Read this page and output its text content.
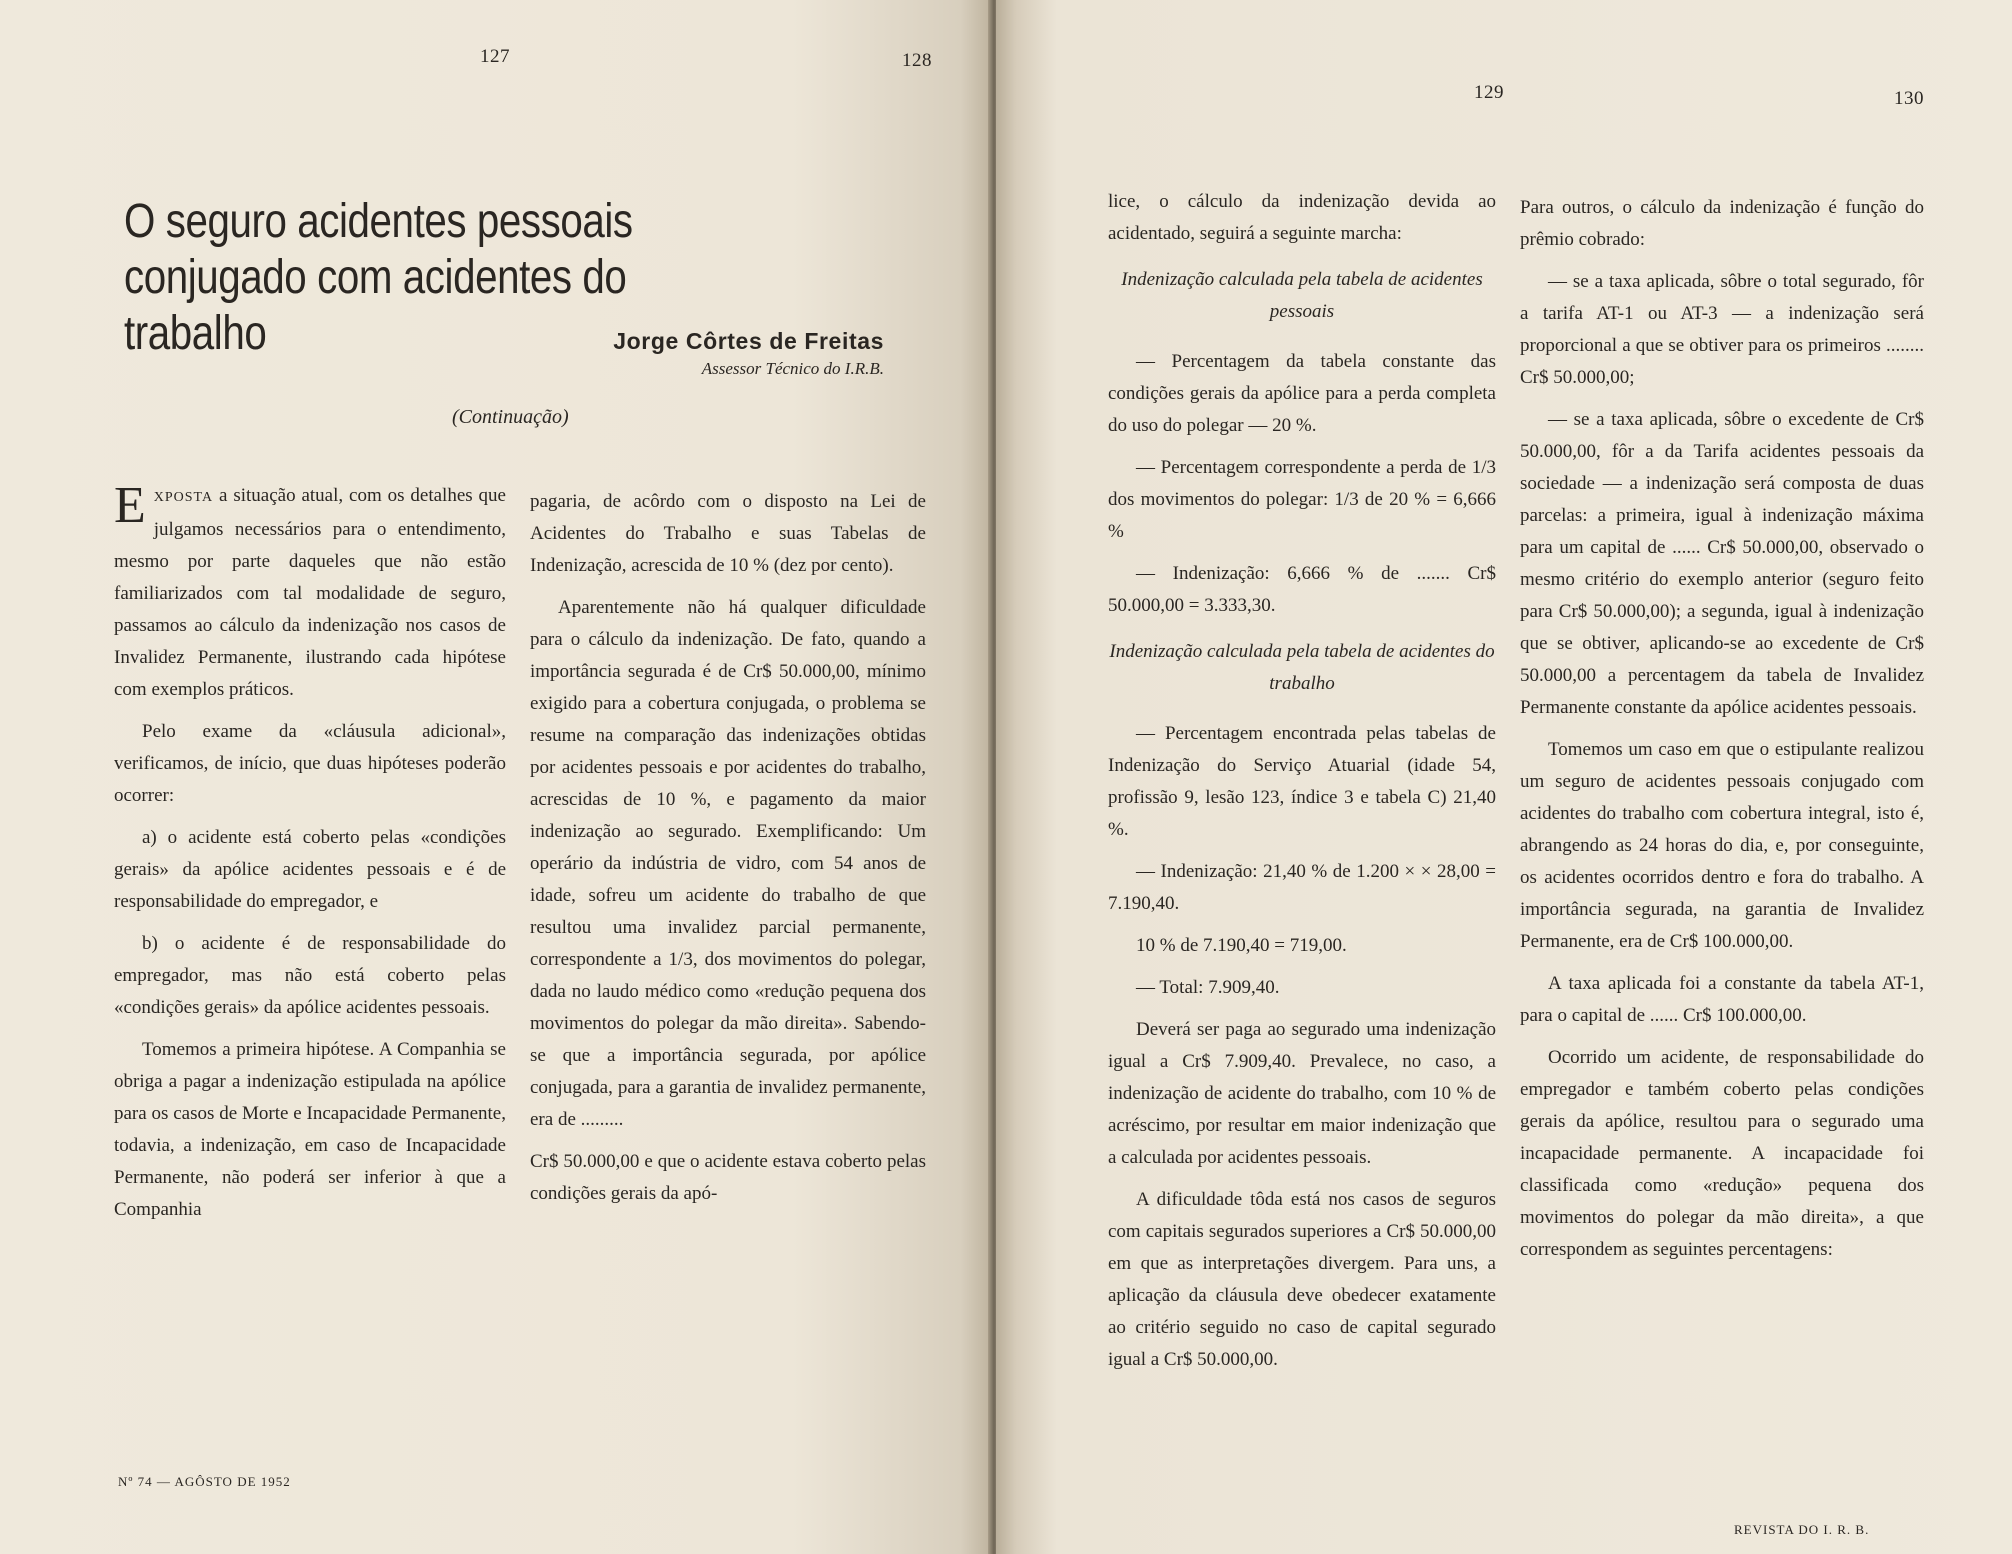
127	128
O seguro acidentes pessoais conjugado com acidentes do trabalho	Jorge Côrtes de Freitas
Assessor Técnico do I.R.B.
(Continuação)

EXPOSTA a situação atual, com os detalhes que julgamos necessários para o entendimento, mesmo por parte daqueles que não estão familiarizados com tal modalidade de seguro, passamos ao cálculo da indenização nos casos de Invalidez Permanente, ilustrando cada hipótese com exemplos práticos.

Pelo exame da «cláusula adicional», verificamos, de início, que duas hipóteses poderão ocorrer:

a) o acidente está coberto pelas «condições gerais» da apólice acidentes pessoais e é de responsabilidade do empregador, e

b) o acidente é de responsabilidade do empregador, mas não está coberto pelas «condições gerais» da apólice acidentes pessoais.

Tomemos a primeira hipótese. A Companhia se obriga a pagar a indenização estipulada na apólice para os casos de Morte e Incapacidade Permanente, todavia, a indenização, em caso de Incapacidade Permanente, não poderá ser inferior à que a Companhia

pagaria, de acôrdo com o disposto na Lei de Acidentes do Trabalho e suas Tabelas de Indenização, acrescida de 10 % (dez por cento).

Aparentemente não há qualquer dificuldade para o cálculo da indenização. De fato, quando a importância segurada é de Cr$ 50.000,00, mínimo exigido para a cobertura conjugada, o problema se resume na comparação das indenizações obtidas por acidentes pessoais e por acidentes do trabalho, acrescidas de 10 %, e pagamento da maior indenização ao segurado. Exemplificando: Um operário da indústria de vidro, com 54 anos de idade, sofreu um acidente do trabalho de que resultou uma invalidez parcial permanente, correspondente a 1/3, dos movimentos do polegar, dada no laudo médico como «redução pequena dos movimentos do polegar da mão direita». Sabendo-se que a importância segurada, por apólice conjugada, para a garantia de invalidez permanente, era de .........

Cr$ 50.000,00 e que o acidente estava coberto pelas condições gerais da apó-

Nº 74 — AGÔSTO DE 1952
129	130

lice, o cálculo da indenização devida ao acidentado, seguirá a seguinte marcha:

Indenização calculada pela tabela de acidentes pessoais

— Percentagem da tabela constante das condições gerais da apólice para a perda completa do uso do polegar — 20 %.

— Percentagem correspondente a perda de 1/3 dos movimentos do polegar: 1/3 de 20 % = 6,666 %

— Indenização: 6,666 % de ....... Cr$ 50.000,00 = 3.333,30.

Indenização calculada pela tabela de acidentes do trabalho

— Percentagem encontrada pelas tabelas de Indenização do Serviço Atuarial (idade 54, profissão 9, lesão 123, índice 3 e tabela C) 21,40 %.

— Indenização: 21,40 % de 1.200 × × 28,00 = 7.190,40.

10 % de 7.190,40 = 719,00.

— Total: 7.909,40.

Deverá ser paga ao segurado uma indenização igual a Cr$ 7.909,40. Prevalece, no caso, a indenização de acidente do trabalho, com 10 % de acréscimo, por resultar em maior indenização que a calculada por acidentes pessoais.

A dificuldade tôda está nos casos de seguros com capitais segurados superiores a Cr$ 50.000,00 em que as interpretações divergem. Para uns, a aplicação da cláusula deve obedecer exatamente ao critério seguido no caso de capital segurado igual a Cr$ 50.000,00.

Para outros, o cálculo da indenização é função do prêmio cobrado:

— se a taxa aplicada, sôbre o total segurado, fôr a tarifa AT-1 ou AT-3 — a indenização será proporcional a que se obtiver para os primeiros ........ Cr$ 50.000,00;

— se a taxa aplicada, sôbre o excedente de Cr$ 50.000,00, fôr a da Tarifa acidentes pessoais da sociedade — a indenização será composta de duas parcelas: a primeira, igual à indenização máxima para um capital de ...... Cr$ 50.000,00, observado o mesmo critério do exemplo anterior (seguro feito para Cr$ 50.000,00); a segunda, igual à indenização que se obtiver, aplicando-se ao excedente de Cr$ 50.000,00 a percentagem da tabela de Invalidez Permanente constante da apólice acidentes pessoais.

Tomemos um caso em que o estipulante realizou um seguro de acidentes pessoais conjugado com acidentes do trabalho com cobertura integral, isto é, abrangendo as 24 horas do dia, e, por conseguinte, os acidentes ocorridos dentro e fora do trabalho. A importância segurada, na garantia de Invalidez Permanente, era de Cr$ 100.000,00.

A taxa aplicada foi a constante da tabela AT-1, para o capital de ...... Cr$ 100.000,00.

Ocorrido um acidente, de responsabilidade do empregador e também coberto pelas condições gerais da apólice, resultou para o segurado uma incapacidade permanente. A incapacidade foi classificada como «redução» pequena dos movimentos do polegar da mão direita», a que correspondem as seguintes percentagens:

REVISTA DO I. R. B.
